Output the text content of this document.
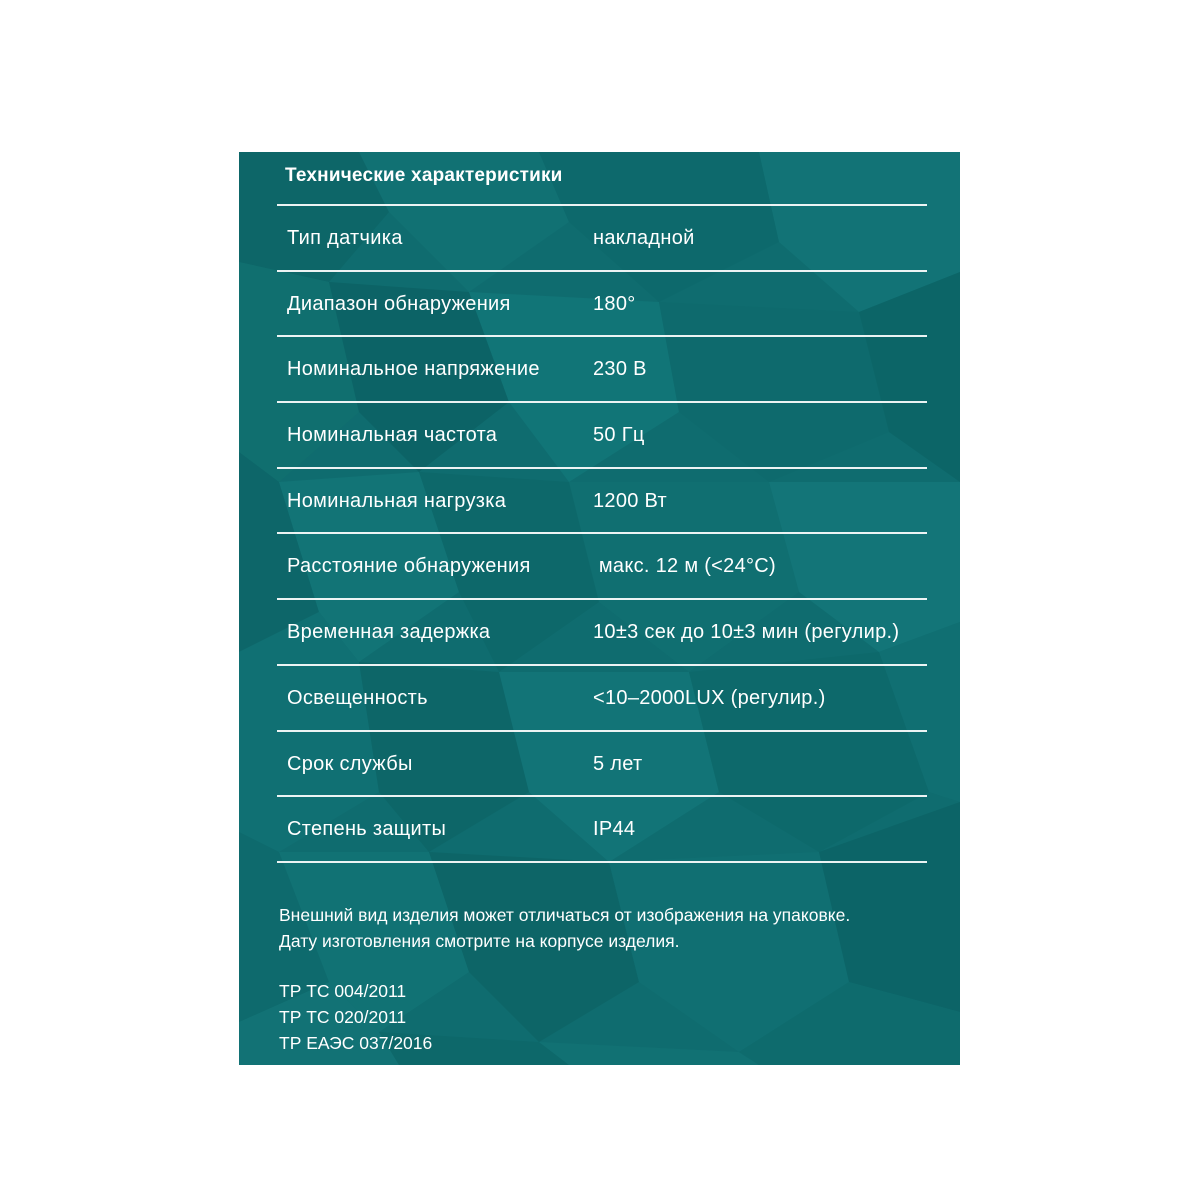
Технические характеристики
Тип датчика	накладной
Диапазон обнаружения	180°
Номинальное напряжение	230 В
Номинальная частота	50 Гц
Номинальная нагрузка	1200 Вт
Расстояние обнаружения	макс. 12 м (<24°С)
Временная задержка	10±3 сек до 10±3 мин (регулир.)
Освещенность	<10–2000LUX (регулир.)
Срок службы	5 лет
Степень защиты	IP44

Внешний вид изделия может отличаться от изображения на упаковке.

Дату изготовления смотрите на корпусе изделия.

ТР ТС 004/2011

ТР ТС 020/2011

ТР ЕАЭС 037/2016
